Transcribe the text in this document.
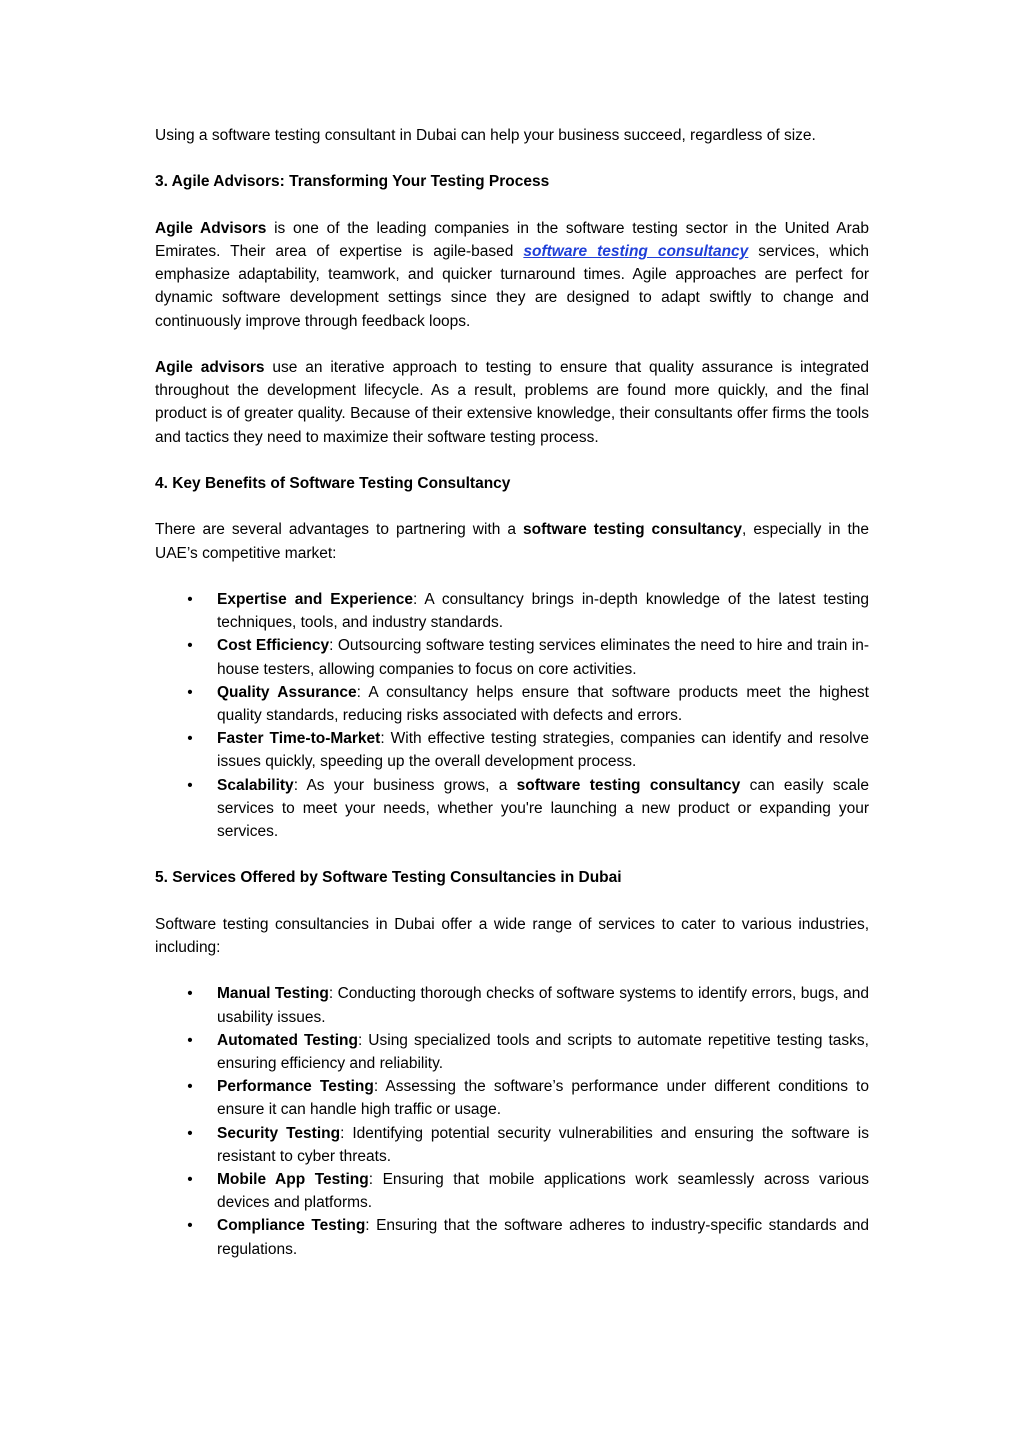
Using a software testing consultant in Dubai can help your business succeed, regardless of size.

3. Agile Advisors: Transforming Your Testing Process

Agile Advisors is one of the leading companies in the software testing sector in the United Arab Emirates. Their area of expertise is agile-based software testing consultancy services, which emphasize adaptability, teamwork, and quicker turnaround times. Agile approaches are perfect for dynamic software development settings since they are designed to adapt swiftly to change and continuously improve through feedback loops.

Agile advisors use an iterative approach to testing to ensure that quality assurance is integrated throughout the development lifecycle. As a result, problems are found more quickly, and the final product is of greater quality. Because of their extensive knowledge, their consultants offer firms the tools and tactics they need to maximize their software testing process.

4. Key Benefits of Software Testing Consultancy

There are several advantages to partnering with a software testing consultancy, especially in the UAE’s competitive market:

• Expertise and Experience: A consultancy brings in-depth knowledge of the latest testing techniques, tools, and industry standards.
• Cost Efficiency: Outsourcing software testing services eliminates the need to hire and train in-house testers, allowing companies to focus on core activities.
• Quality Assurance: A consultancy helps ensure that software products meet the highest quality standards, reducing risks associated with defects and errors.
• Faster Time-to-Market: With effective testing strategies, companies can identify and resolve issues quickly, speeding up the overall development process.
• Scalability: As your business grows, a software testing consultancy can easily scale services to meet your needs, whether you're launching a new product or expanding your services.
5. Services Offered by Software Testing Consultancies in Dubai

Software testing consultancies in Dubai offer a wide range of services to cater to various industries, including:

• Manual Testing: Conducting thorough checks of software systems to identify errors, bugs, and usability issues.
• Automated Testing: Using specialized tools and scripts to automate repetitive testing tasks, ensuring efficiency and reliability.
• Performance Testing: Assessing the software’s performance under different conditions to ensure it can handle high traffic or usage.
• Security Testing: Identifying potential security vulnerabilities and ensuring the software is resistant to cyber threats.
• Mobile App Testing: Ensuring that mobile applications work seamlessly across various devices and platforms.
• Compliance Testing: Ensuring that the software adheres to industry-specific standards and regulations.
